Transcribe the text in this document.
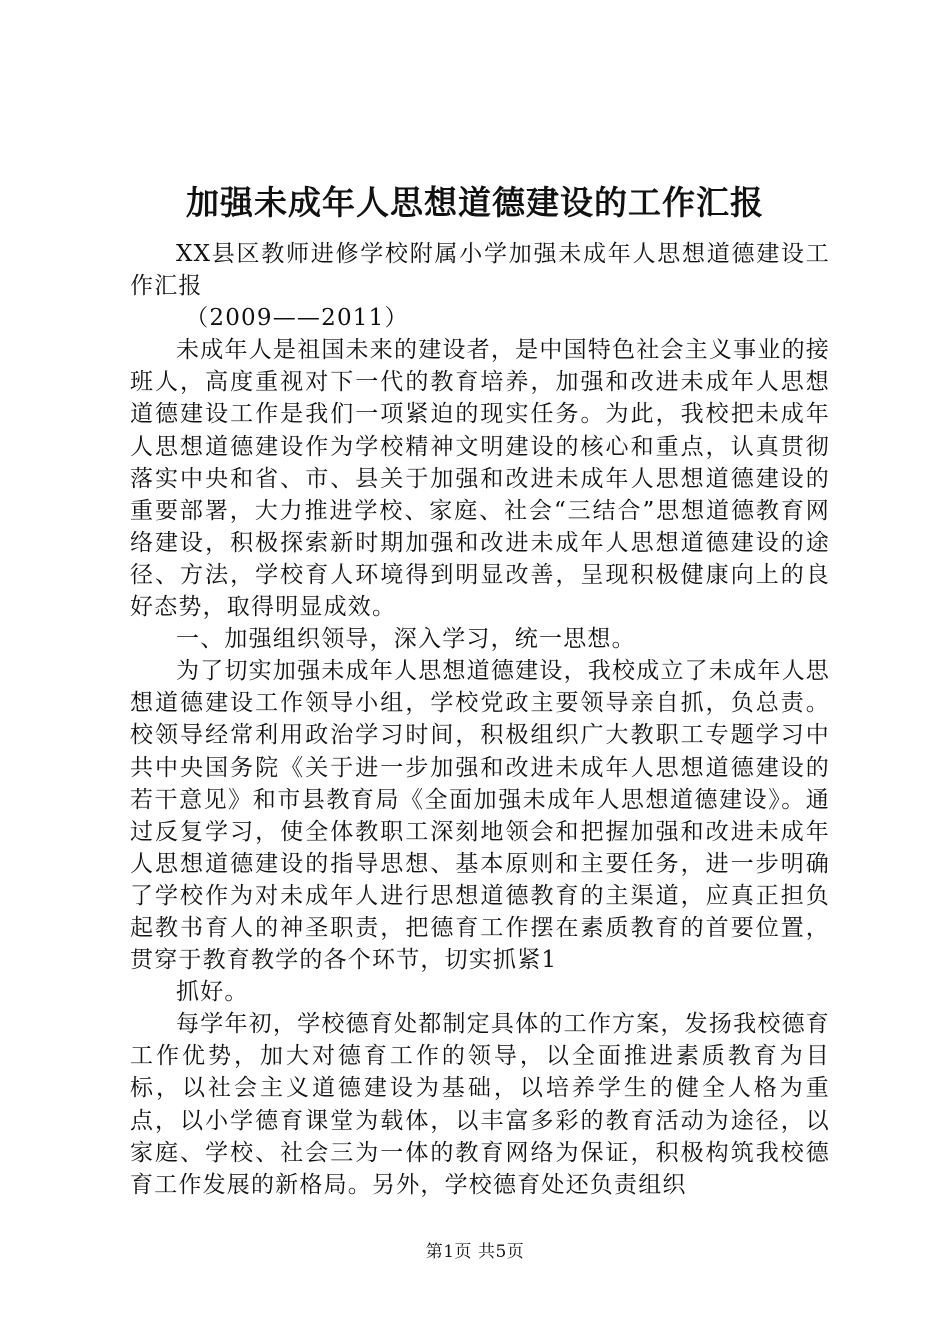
加强未成年人思想道德建设的工作汇报

XX县区教师进修学校附属小学加强未成年人思想道德建设工作汇报

（2009——2011）

未成年人是祖国未来的建设者，是中国特色社会主义事业的接班人，高度重视对下一代的教育培养，加强和改进未成年人思想道德建设工作是我们一项紧迫的现实任务。为此，我校把未成年人思想道德建设作为学校精神文明建设的核心和重点，认真贯彻落实中央和省、市、县关于加强和改进未成年人思想道德建设的重要部署，大力推进学校、家庭、社会“三结合”思想道德教育网络建设，积极探索新时期加强和改进未成年人思想道德建设的途径、方法，学校育人环境得到明显改善，呈现积极健康向上的良好态势，取得明显成效。

一、加强组织领导，深入学习，统一思想。

为了切实加强未成年人思想道德建设，我校成立了未成年人思想道德建设工作领导小组，学校党政主要领导亲自抓，负总责。校领导经常利用政治学习时间，积极组织广大教职工专题学习中共中央国务院《关于进一步加强和改进未成年人思想道德建设的若干意见》和市县教育局《全面加强未成年人思想道德建设》。通过反复学习，使全体教职工深刻地领会和把握加强和改进未成年人思想道德建设的指导思想、基本原则和主要任务，进一步明确了学校作为对未成年人进行思想道德教育的主渠道，应真正担负起教书育人的神圣职责，把德育工作摆在素质教育的首要位置，贯穿于教育教学的各个环节，切实抓紧1

抓好。

每学年初，学校德育处都制定具体的工作方案，发扬我校德育工作优势，加大对德育工作的领导，以全面推进素质教育为目标，以社会主义道德建设为基础，以培养学生的健全人格为重点，以小学德育课堂为载体，以丰富多彩的教育活动为途径，以家庭、学校、社会三为一体的教育网络为保证，积极构筑我校德育工作发展的新格局。另外，学校德育处还负责组织

第1页 共5页
